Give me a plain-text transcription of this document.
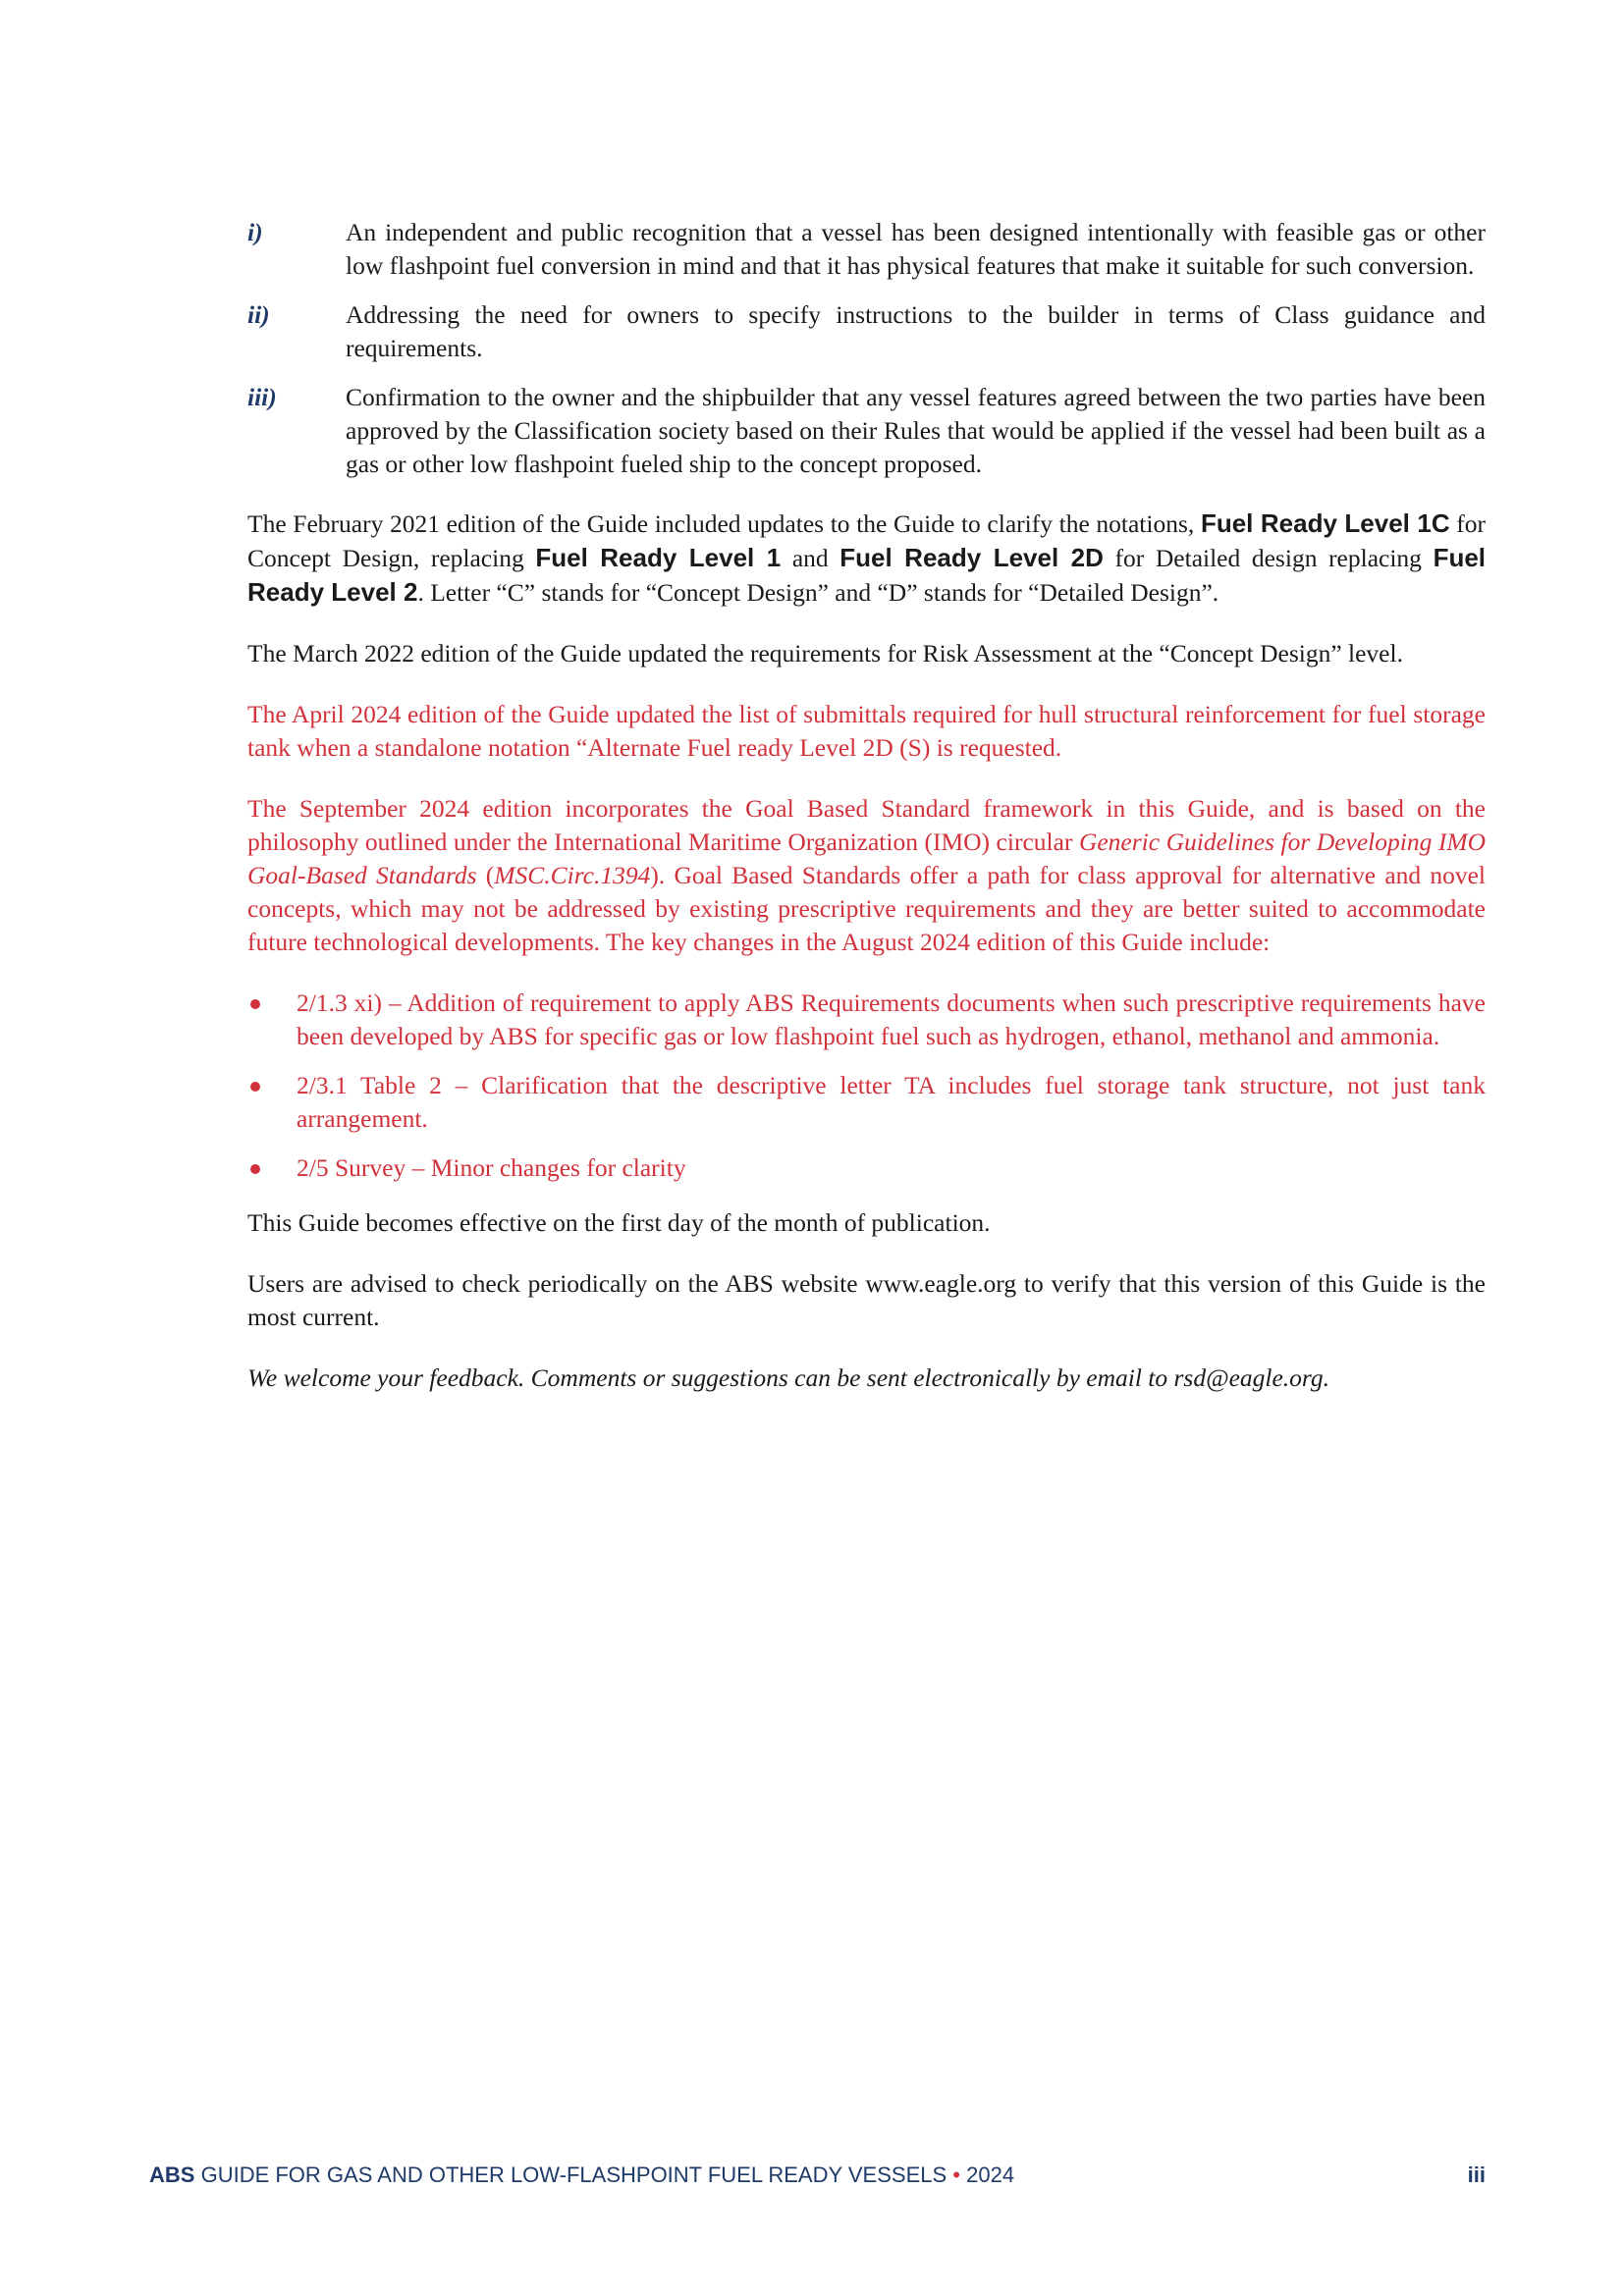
i)	An independent and public recognition that a vessel has been designed intentionally with feasible gas or other low flashpoint fuel conversion in mind and that it has physical features that make it suitable for such conversion.
ii)	Addressing the need for owners to specify instructions to the builder in terms of Class guidance and requirements.
iii)	Confirmation to the owner and the shipbuilder that any vessel features agreed between the two parties have been approved by the Classification society based on their Rules that would be applied if the vessel had been built as a gas or other low flashpoint fueled ship to the concept proposed.

The February 2021 edition of the Guide included updates to the Guide to clarify the notations, Fuel Ready Level 1C for Concept Design, replacing Fuel Ready Level 1 and Fuel Ready Level 2D for Detailed design replacing Fuel Ready Level 2. Letter “C” stands for “Concept Design” and “D” stands for “Detailed Design”.

The March 2022 edition of the Guide updated the requirements for Risk Assessment at the “Concept Design” level.

The April 2024 edition of the Guide updated the list of submittals required for hull structural reinforcement for fuel storage tank when a standalone notation “Alternate Fuel ready Level 2D (S) is requested.

The September 2024 edition incorporates the Goal Based Standard framework in this Guide, and is based on the philosophy outlined under the International Maritime Organization (IMO) circular Generic Guidelines for Developing IMO Goal-Based Standards (MSC.Circ.1394). Goal Based Standards offer a path for class approval for alternative and novel concepts, which may not be addressed by existing prescriptive requirements and they are better suited to accommodate future technological developments. The key changes in the August 2024 edition of this Guide include:

2/1.3 xi) – Addition of requirement to apply ABS Requirements documents when such prescriptive requirements have been developed by ABS for specific gas or low flashpoint fuel such as hydrogen, ethanol, methanol and ammonia.
2/3.1 Table 2 – Clarification that the descriptive letter TA includes fuel storage tank structure, not just tank arrangement.
2/5 Survey – Minor changes for clarity

This Guide becomes effective on the first day of the month of publication.

Users are advised to check periodically on the ABS website www.eagle.org to verify that this version of this Guide is the most current.

We welcome your feedback. Comments or suggestions can be sent electronically by email to rsd@eagle.org.

ABS GUIDE FOR GAS AND OTHER LOW-FLASHPOINT FUEL READY VESSELS • 2024	iii
